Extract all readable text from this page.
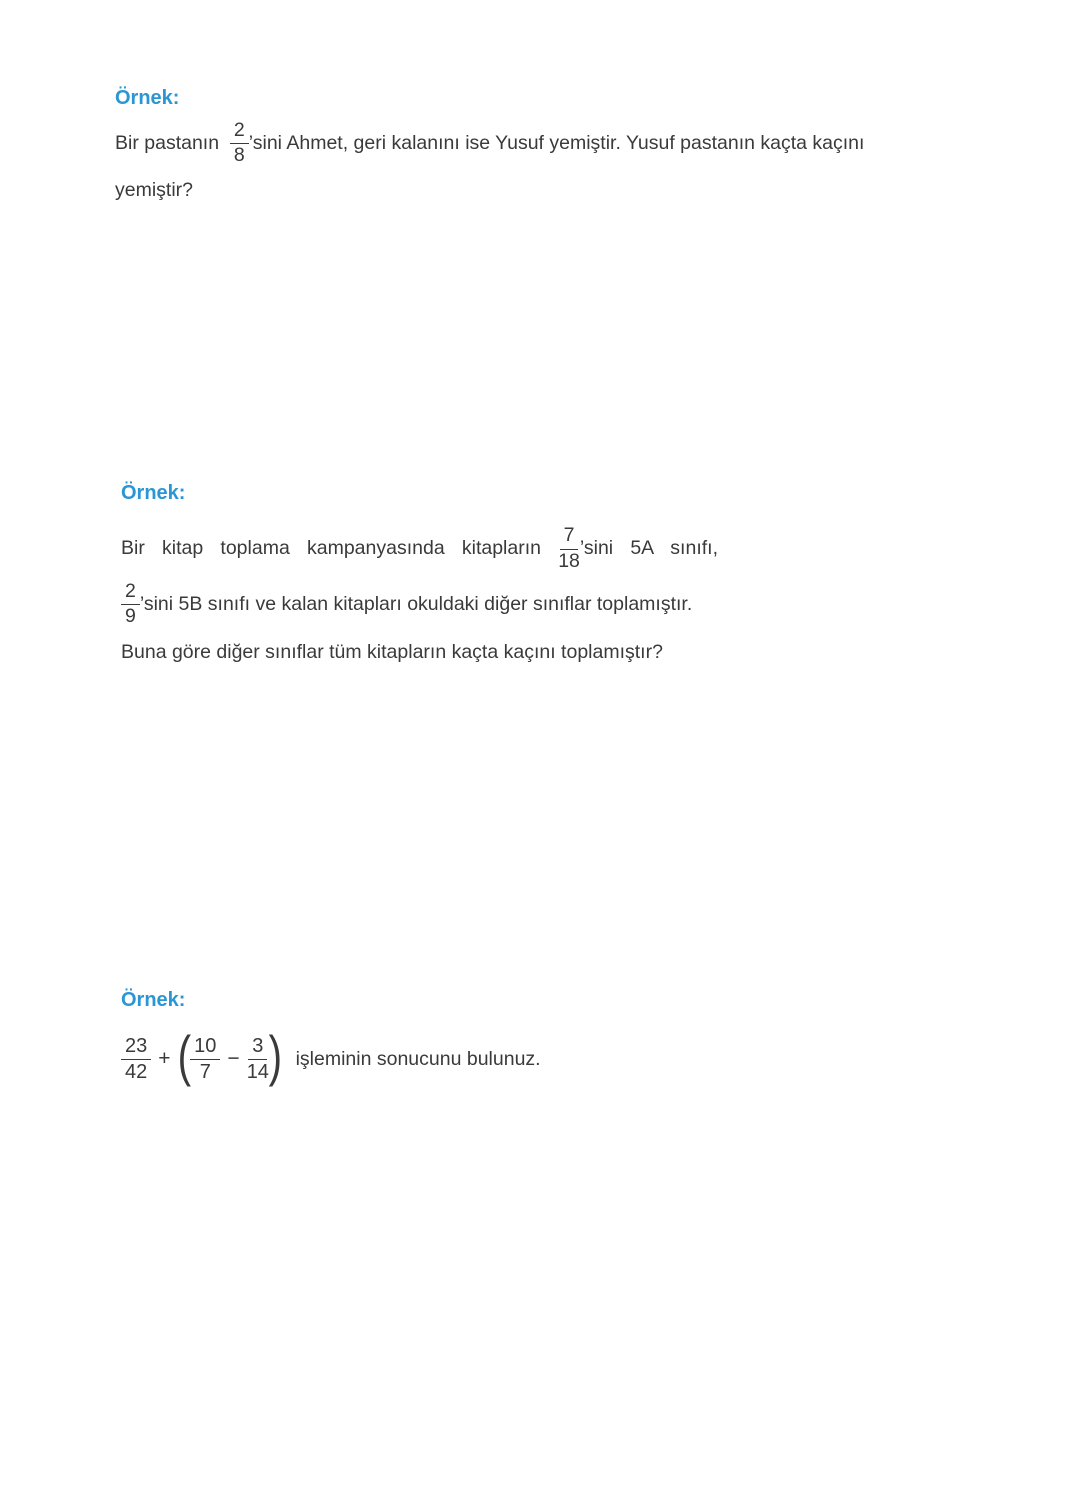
Örnek:
Bir pastanın $\frac{2}{8}$ ’sini Ahmet, geri kalanını ise Yusuf yemiştir. Yusuf pastanın kaçta kaçını
yemiştir?
Örnek:
Bir kitap toplama kampanyasında kitapların $\frac{7}{18}$ ’sini 5A sınıfı,
$\frac{2}{9}$ ’sini 5B sınıfı ve kalan kitapları okuldaki diğer sınıflar toplamıştır.
Buna göre diğer sınıflar tüm kitapların kaçta kaçını toplamıştır?
Örnek:
$\frac{23}{42}$ + ( $\frac{10}{7} - \frac{3}{14}$ ) işleminin sonucunu bulunuz.
